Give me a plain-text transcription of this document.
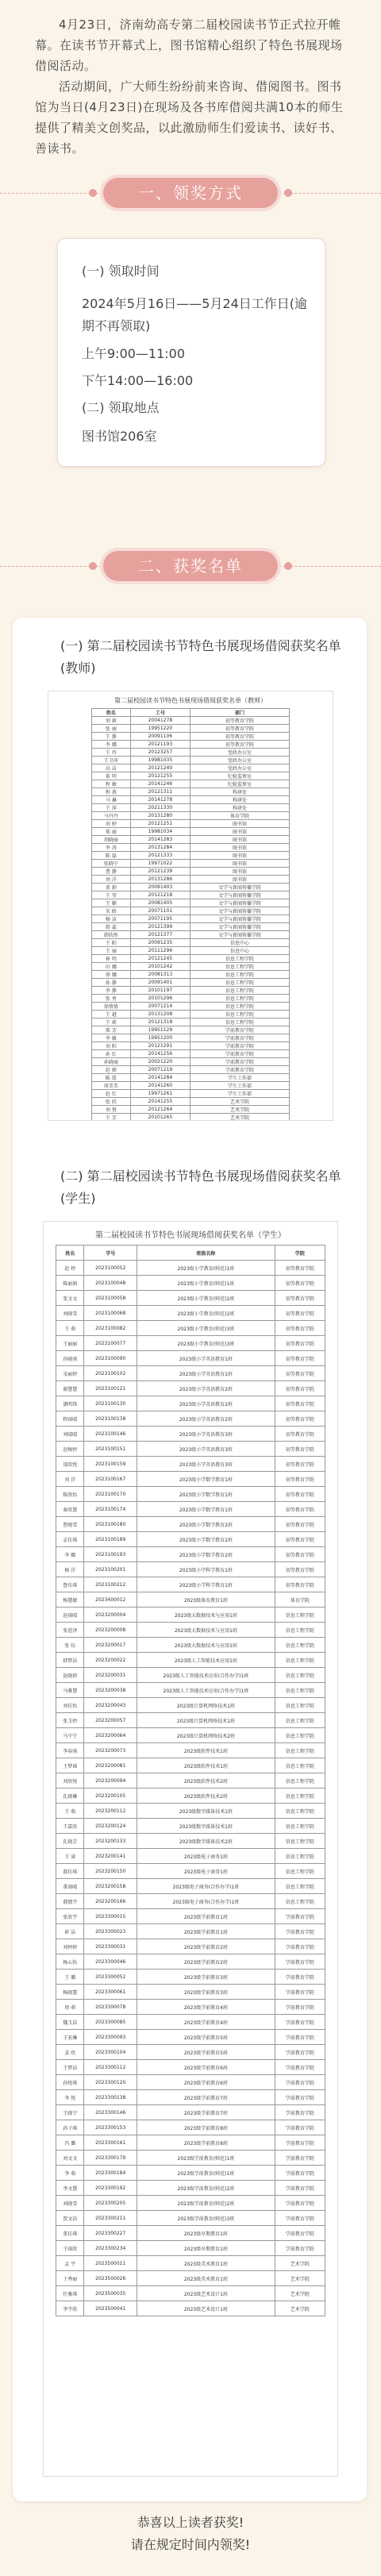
4月23日，济南幼高专第二届校园读书节正式拉开帷幕。在读书节开幕式上，图书馆精心组织了特色书展现场借阅活动。

活动期间，广大师生纷纷前来咨询、借阅图书。图书馆为当日(4月23日)在现场及各书库借阅共满10本的师生提供了精美文创奖品，以此激励师生们爱读书、读好书、善读书。

一、领奖方式
(一) 领取时间
2024年5月16日——5月24日工作日(逾期不再领取)
上午9:00—11:00
下午14:00—16:00
(二) 领取地点
图书馆206室
二、获奖名单
(一) 第二届校园读书节特色书展现场借阅获奖名单(教师)
第二届校园读书节特色书展现场借阅获奖名单（教师）
姓名	工号	部门
刘 莉	20041278	初等教育学院
张 丽	19951220	初等教育学院
王 静	20091106	初等教育学院
李 娜	20121193	初等教育学院
王 玲	20123257	党政办公室
王卫萍	19981035	党政办公室
高 洁	20121240	党政办公室
董 明	20121255	纪检监察室
程 敏	20141246	纪检监察室
程 燕	20121311	科研处
马 琳	20141278	科研处
王 萍	20211330	科研处
马丹丹	20131280	体育学院
刘 婷	20121251	图书馆
郑 丽	19981034	图书馆
胡晓丽	20141283	图书馆
李 涛	20131284	图书馆
陈 磊	20121333	图书馆
张晓宁	19971022	图书馆
曹 静	20121239	图书馆
刘 洋	20131286	图书馆
黄 娟	20091403	文学与新闻传播学院
王 莹	20121218	文学与新闻传播学院
王 颖	20081405	文学与新闻传播学院
宋 晗	20071101	文学与新闻传播学院
杨 洁	20071195	文学与新闻传播学院
韩 蕊	20121399	文学与新闻传播学院
韩欣彤	20121377	文学与新闻传播学院
王 阳	20091235	信息中心
王 丽	20111296	信息中心
崔 明	20121245	信息工程学院
田 娜	20101242	信息工程学院
徐 娜	20081313	信息工程学院
孙 静	20091401	信息工程学院
李 静	20101197	信息工程学院
张 勇	20101296	信息工程学院
徐倩倩	20071214	信息工程学院
王 越	20131208	信息工程学院
王 莉	20121318	信息工程学院
郑 芳	19951129	学前教育学院
李 敏	19951200	学前教育学院
刘 阳	20121291	学前教育学院
孙 红	20141256	学前教育学院
孙晓丽	20021220	学前教育学院
赵 婧	20071219	学前教育学院
陈 霞	20141284	学生工作部
周美美	20141260	学生工作部
赵 红	19971261	学生工作部
张 欣	20141255	艺术学院
刘 悦	20121264	艺术学院
王 芳	20101265	艺术学院

(二) 第二届校园读书节特色书展现场借阅获奖名单(学生)
第二届校园读书节特色书展现场借阅获奖名单（学生）
姓名	学号	班级名称	学院
赵 婷	2023100052	2023级小学教育(师范)1班	初等教育学院
陈丽娟	2023100048	2023级小学教育(师范)1班	初等教育学院
张文文	2023100058	2023级小学教育(师范)2班	初等教育学院
刘晓雪	2023100068	2023级小学教育(师范)2班	初等教育学院
王 萌	2023100082	2023级小学教育(师范)3班	初等教育学院
王丽丽	2023100077	2023级小学教育(师范)3班	初等教育学院
孙晓雨	2023100090	2023级小学英语教育1班	初等教育学院
宋丽婷	2023100102	2023级小学英语教育1班	初等教育学院
谢慧慧	2023100121	2023级小学英语教育2班	初等教育学院
潘明珠	2023100130	2023级小学英语教育2班	初等教育学院
程雨晴	2023100138	2023级小学英语教育2班	初等教育学院
刘晴晴	2023100146	2023级小学英语教育3班	初等教育学院
赵婉婷	2023100151	2023级小学英语教育3班	初等教育学院
邵欣悦	2023100159	2023级小学英语教育3班	初等教育学院
刘 洋	2023100167	2023级小学数学教育1班	初等教育学院
陈欣怡	2023100170	2023级小学数学教育1班	初等教育学院
秦欣慧	2023100174	2023级小学数学教育1班	初等教育学院
曹晓雪	2023100180	2023级小学数学教育2班	初等教育学院
孟佳琪	2023100189	2023级小学数学教育2班	初等教育学院
李 娜	2023100193	2023级小学数学教育2班	初等教育学院
杨 洋	2023100201	2023级小学科学教育1班	初等教育学院
鲁佳琪	2023100212	2023级小学科学教育1班	初等教育学院
杨慧敏	2023400012	2023级体育教育1班	体育学院
赵雨晴	2023200004	2023级大数据技术与应用1班	信息工程学院
张恩泽	2023200008	2023级大数据技术与应用1班	信息工程学院
张 钰	2023200017	2023级大数据技术与应用1班	信息工程学院
韩梦洁	2023200022	2023级人工智能技术应用1班	信息工程学院
赵晓倩	2023200031	2023级人工智能技术应用(合作办学)1班	信息工程学院
马雅慧	2023200038	2023级人工智能技术应用(合作办学)1班	信息工程学院
刘佳怡	2023200043	2023级计算机网络技术1班	信息工程学院
张玉婷	2023200057	2023级计算机网络技术1班	信息工程学院
马宁宁	2023200064	2023级计算机网络技术2班	信息工程学院
李春雨	2023200073	2023级软件技术1班	信息工程学院
王梦瑶	2023200081	2023级软件技术1班	信息工程学院
刘欣悦	2023200094	2023级软件技术2班	信息工程学院
孔晓琳	2023200105	2023级软件技术2班	信息工程学院
王 萌	2023200112	2023级数字媒体技术1班	信息工程学院
王嘉欣	2023200124	2023级数字媒体技术1班	信息工程学院
孔晓芸	2023200133	2023级数字媒体技术2班	信息工程学院
王 睿	2023200141	2023级电子商务1班	信息工程学院
郝佳琪	2023200150	2023级电子商务1班	信息工程学院
董雨晴	2023200158	2023级电子商务(合作办学)1班	信息工程学院
郝婧宇	2023200166	2023级电子商务(合作办学)1班	信息工程学院
张欣宇	2023300015	2023级学前教育1班	学前教育学院
崔 洁	2023300023	2023级学前教育1班	学前教育学院
刘婷婷	2023300031	2023级学前教育2班	学前教育学院
杨心怡	2023300046	2023级学前教育2班	学前教育学院
王 璐	2023300052	2023级学前教育3班	学前教育学院
杨晓慧	2023300061	2023级学前教育3班	学前教育学院
周 萌	2023300078	2023级学前教育4班	学前教育学院
魏玉洁	2023300085	2023级学前教育4班	学前教育学院
王宏琳	2023300093	2023级学前教育5班	学前教育学院
姜 欣	2023300104	2023级学前教育5班	学前教育学院
王梦洁	2023300112	2023级学前教育6班	学前教育学院
孙悦琪	2023300120	2023级学前教育6班	学前教育学院
李 悦	2023300138	2023级学前教育7班	学前教育学院
王晓宁	2023300146	2023级学前教育7班	学前教育学院
孙子琪	2023300153	2023级学前教育8班	学前教育学院
冯 璐	2023300161	2023级学前教育8班	学前教育学院
刘文文	2023300179	2023级学前教育(师范)1班	学前教育学院
李 萌	2023300184	2023级学前教育(师范)1班	学前教育学院
李文慧	2023300192	2023级学前教育(师范)2班	学前教育学院
刘晓雪	2023300205	2023级学前教育(师范)2班	学前教育学院
贾文洁	2023300211	2023级学前教育(师范)3班	学前教育学院
董佳琪	2023300227	2023级早期教育1班	学前教育学院
王雨欣	2023300234	2023级早期教育1班	学前教育学院
孟 宇	2023500011	2023级美术教育1班	艺术学院
于秀丽	2023500026	2023级美术教育1班	艺术学院
任雅琪	2023500035	2023级艺术设计1班	艺术学院
李宇欣	2023500041	2023级艺术设计1班	艺术学院
恭喜以上读者获奖!
请在规定时间内领奖!
